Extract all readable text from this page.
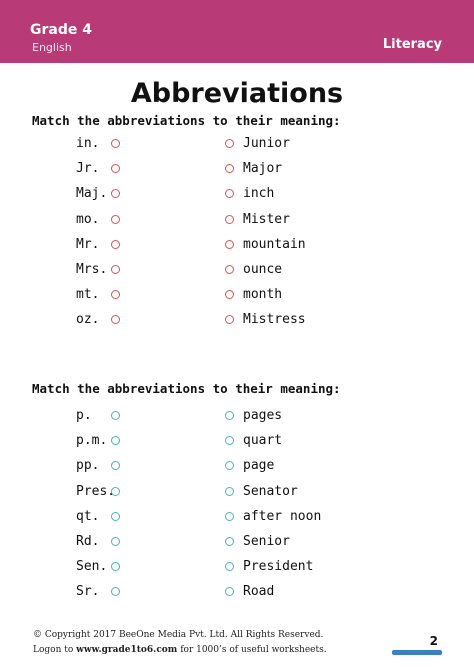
Grade 4
English	Literacy
Abbreviations
Match the abbreviations to their meaning:
in.	Junior
Jr.	Major
Maj.	inch
mo.	Mister
Mr.	mountain
Mrs.	ounce
mt.	month
oz.	Mistress
Match the abbreviations to their meaning:
p.	pages
p.m.	quart
pp.	page
Pres.	Senator
qt.	after noon
Rd.	Senior
Sen.	President
Sr.	Road
© Copyright 2017 BeeOne Media Pvt. Ltd. All Rights Reserved.
Logon to www.grade1to6.com for 1000’s of useful worksheets.
2
